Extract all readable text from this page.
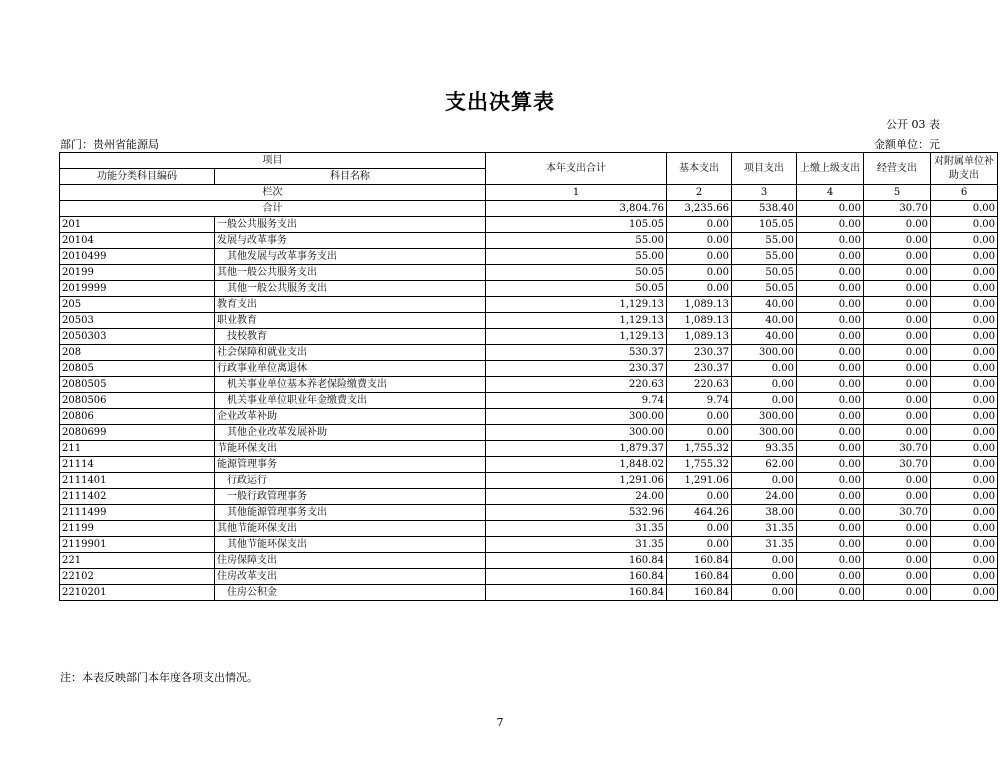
支出决算表
公开 03 表
部门：贵州省能源局	金额单位：元
项目		本年支出合计	基本支出	项目支出	上缴上级支出	经营支出	对附属单位补助支出
功能分类科目编码	科目名称						
栏次		1	2	3	4	5	6
合计		3,804.76	3,235.66	538.40	0.00	30.70	0.00
201	一般公共服务支出	105.05	0.00	105.05	0.00	0.00	0.00
20104	发展与改革事务	55.00	0.00	55.00	0.00	0.00	0.00
2010499	其他发展与改革事务支出	55.00	0.00	55.00	0.00	0.00	0.00
20199	其他一般公共服务支出	50.05	0.00	50.05	0.00	0.00	0.00
2019999	其他一般公共服务支出	50.05	0.00	50.05	0.00	0.00	0.00
205	教育支出	1,129.13	1,089.13	40.00	0.00	0.00	0.00
20503	职业教育	1,129.13	1,089.13	40.00	0.00	0.00	0.00
2050303	技校教育	1,129.13	1,089.13	40.00	0.00	0.00	0.00
208	社会保障和就业支出	530.37	230.37	300.00	0.00	0.00	0.00
20805	行政事业单位离退休	230.37	230.37	0.00	0.00	0.00	0.00
2080505	机关事业单位基本养老保险缴费支出	220.63	220.63	0.00	0.00	0.00	0.00
2080506	机关事业单位职业年金缴费支出	9.74	9.74	0.00	0.00	0.00	0.00
20806	企业改革补助	300.00	0.00	300.00	0.00	0.00	0.00
2080699	其他企业改革发展补助	300.00	0.00	300.00	0.00	0.00	0.00
211	节能环保支出	1,879.37	1,755.32	93.35	0.00	30.70	0.00
21114	能源管理事务	1,848.02	1,755.32	62.00	0.00	30.70	0.00
2111401	行政运行	1,291.06	1,291.06	0.00	0.00	0.00	0.00
2111402	一般行政管理事务	24.00	0.00	24.00	0.00	0.00	0.00
2111499	其他能源管理事务支出	532.96	464.26	38.00	0.00	30.70	0.00
21199	其他节能环保支出	31.35	0.00	31.35	0.00	0.00	0.00
2119901	其他节能环保支出	31.35	0.00	31.35	0.00	0.00	0.00
221	住房保障支出	160.84	160.84	0.00	0.00	0.00	0.00
22102	住房改革支出	160.84	160.84	0.00	0.00	0.00	0.00
2210201	住房公积金	160.84	160.84	0.00	0.00	0.00	0.00
注：本表反映部门本年度各项支出情况。
7
